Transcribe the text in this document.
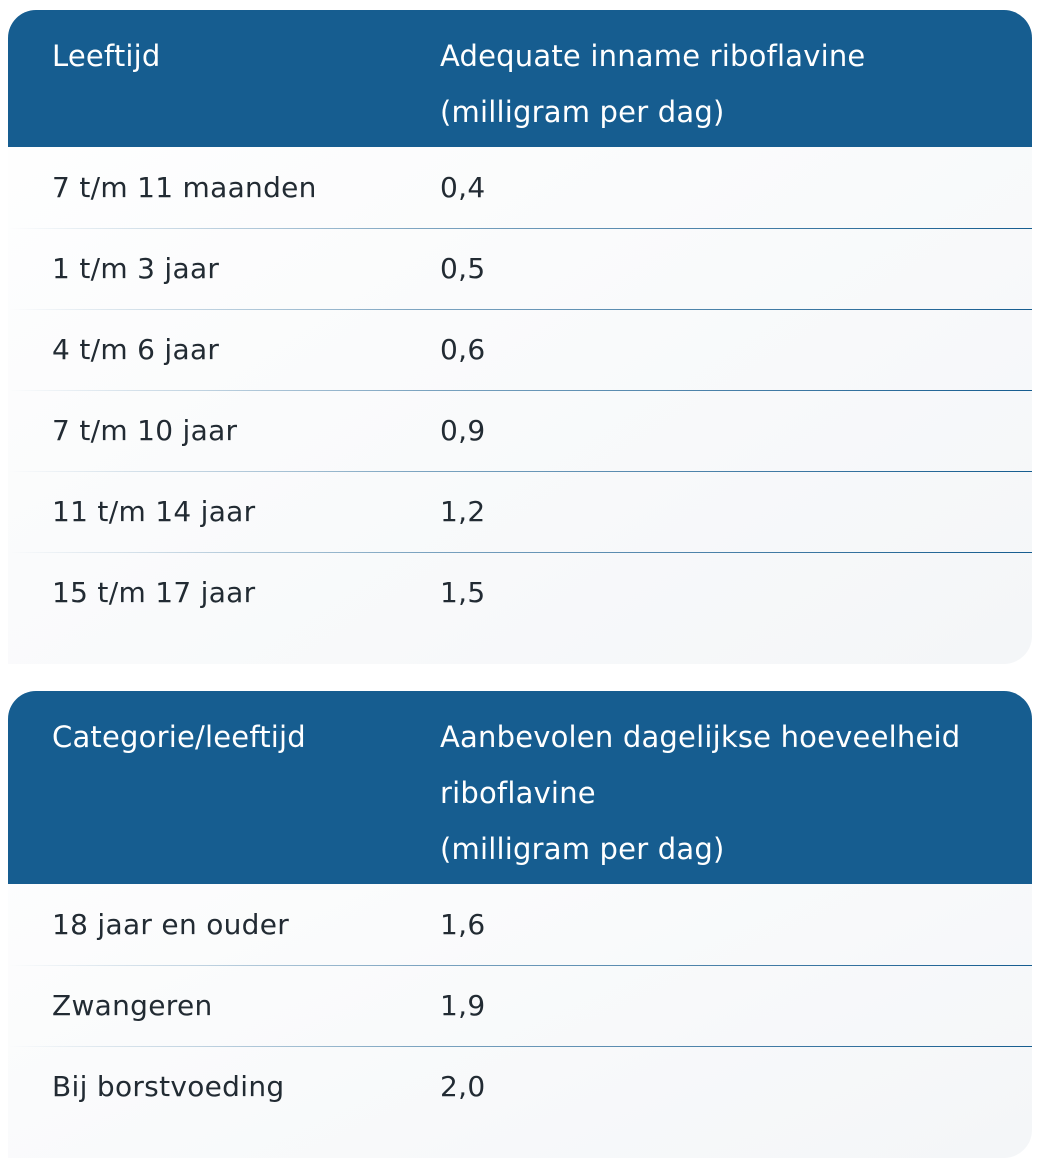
Leeftijd	Adequate inname riboflavine
(milligram per dag)
7 t/m 11 maanden	0,4
1 t/m 3 jaar	0,5
4 t/m 6 jaar	0,6
7 t/m 10 jaar	0,9
11 t/m 14 jaar	1,2
15 t/m 17 jaar	1,5
Categorie/leeftijd	Aanbevolen dagelijkse hoeveelheid
riboflavine
(milligram per dag)
18 jaar en ouder	1,6
Zwangeren	1,9
Bij borstvoeding	2,0
